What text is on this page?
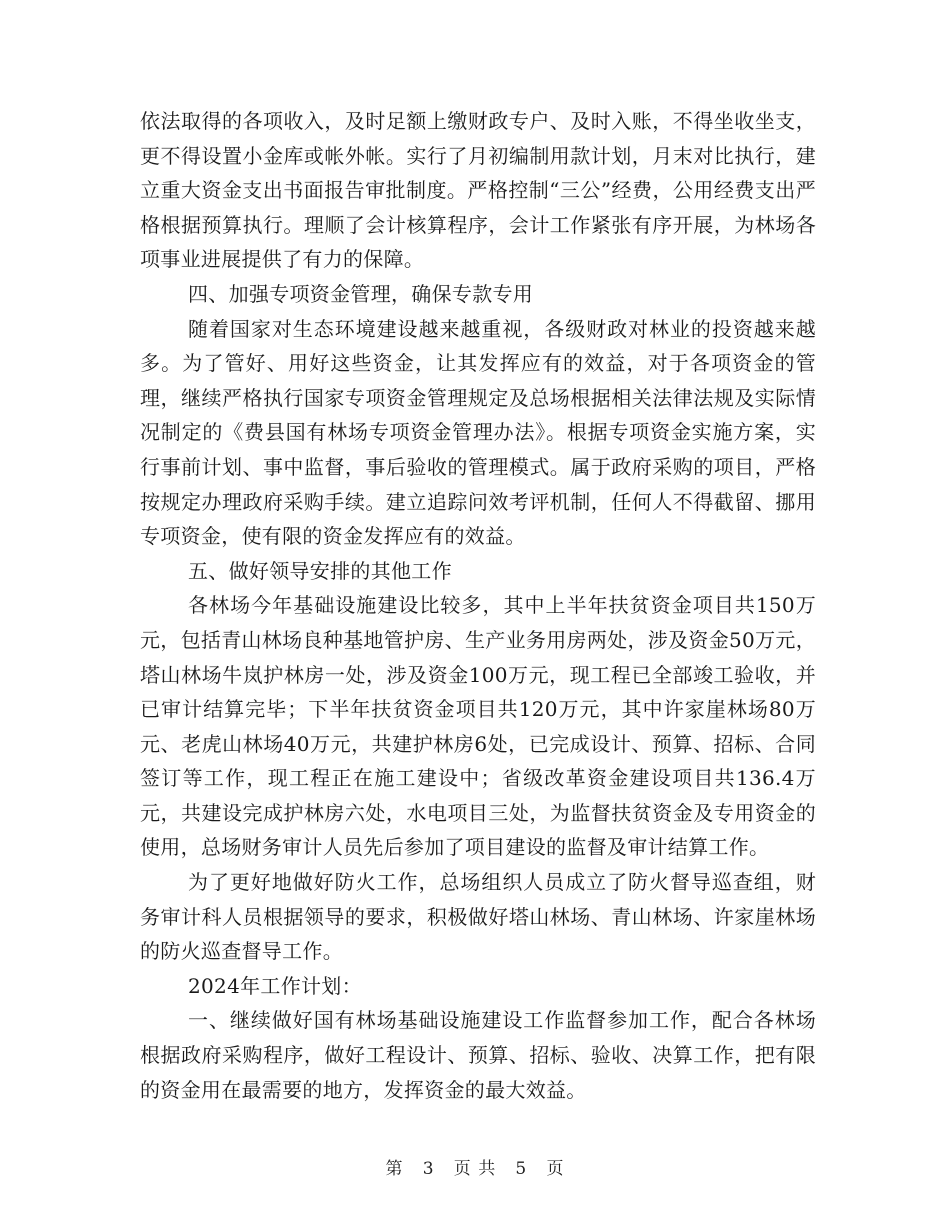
依法取得的各项收入，及时足额上缴财政专户、及时入账，不得坐收坐支，更不得设置小金库或帐外帐。实行了月初编制用款计划，月末对比执行，建立重大资金支出书面报告审批制度。严格控制“三公”经费，公用经费支出严格根据预算执行。理顺了会计核算程序，会计工作紧张有序开展，为林场各项事业进展提供了有力的保障。

四、加强专项资金管理，确保专款专用

随着国家对生态环境建设越来越重视，各级财政对林业的投资越来越多。为了管好、用好这些资金，让其发挥应有的效益，对于各项资金的管理，继续严格执行国家专项资金管理规定及总场根据相关法律法规及实际情况制定的《费县国有林场专项资金管理办法》。根据专项资金实施方案，实行事前计划、事中监督，事后验收的管理模式。属于政府采购的项目，严格按规定办理政府采购手续。建立追踪问效考评机制，任何人不得截留、挪用专项资金，使有限的资金发挥应有的效益。

五、做好领导安排的其他工作

各林场今年基础设施建设比较多，其中上半年扶贫资金项目共150万元，包括青山林场良种基地管护房、生产业务用房两处，涉及资金50万元，塔山林场牛岚护林房一处，涉及资金100万元，现工程已全部竣工验收，并已审计结算完毕；下半年扶贫资金项目共120万元，其中许家崖林场80万元、老虎山林场40万元，共建护林房6处，已完成设计、预算、招标、合同签订等工作，现工程正在施工建设中；省级改革资金建设项目共136.4万元，共建设完成护林房六处，水电项目三处，为监督扶贫资金及专用资金的使用，总场财务审计人员先后参加了项目建设的监督及审计结算工作。

为了更好地做好防火工作，总场组织人员成立了防火督导巡查组，财务审计科人员根据领导的要求，积极做好塔山林场、青山林场、许家崖林场的防火巡查督导工作。

2024年工作计划：

一、继续做好国有林场基础设施建设工作监督参加工作，配合各林场根据政府采购程序，做好工程设计、预算、招标、验收、决算工作，把有限的资金用在最需要的地方，发挥资金的最大效益。

第 3 页 共 5 页
